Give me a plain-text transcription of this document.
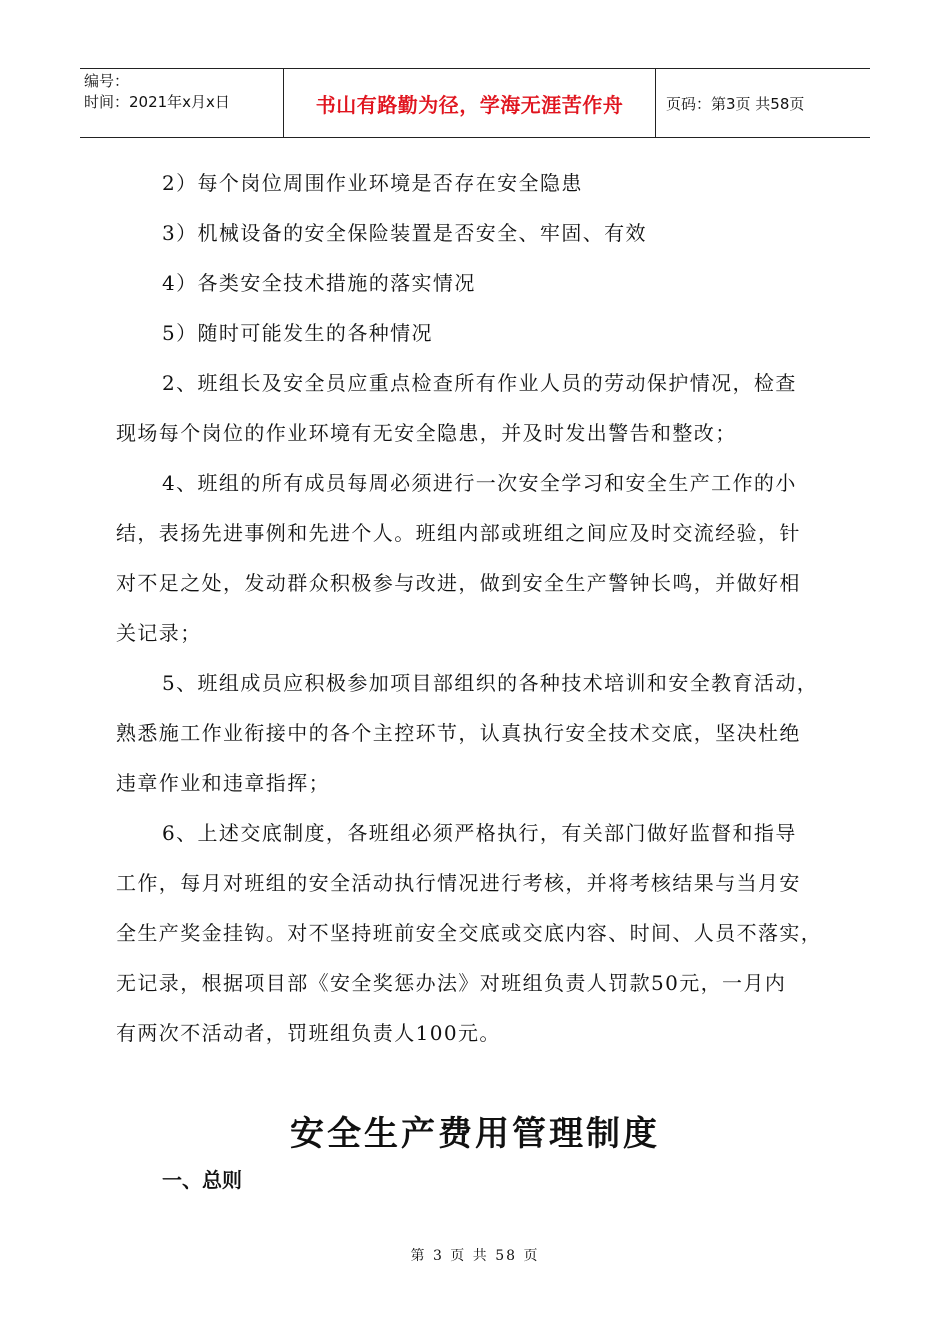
编号：
时间：2021年x月x日	书山有路勤为径，学海无涯苦作舟	页码：第3页 共58页
2）每个岗位周围作业环境是否存在安全隐患
3）机械设备的安全保险装置是否安全、牢固、有效
4）各类安全技术措施的落实情况
5）随时可能发生的各种情况
2、班组长及安全员应重点检查所有作业人员的劳动保护情况，检查
现场每个岗位的作业环境有无安全隐患，并及时发出警告和整改；
4、班组的所有成员每周必须进行一次安全学习和安全生产工作的小
结，表扬先进事例和先进个人。班组内部或班组之间应及时交流经验，针
对不足之处，发动群众积极参与改进，做到安全生产警钟长鸣，并做好相
关记录；
5、班组成员应积极参加项目部组织的各种技术培训和安全教育活动，
熟悉施工作业衔接中的各个主控环节，认真执行安全技术交底，坚决杜绝
违章作业和违章指挥；
6、上述交底制度，各班组必须严格执行，有关部门做好监督和指导
工作，每月对班组的安全活动执行情况进行考核，并将考核结果与当月安
全生产奖金挂钩。对不坚持班前安全交底或交底内容、时间、人员不落实，
无记录，根据项目部《安全奖惩办法》对班组负责人罚款50元，一月内
有两次不活动者，罚班组负责人100元。
安全生产费用管理制度
一、总则
第 3 页 共 58 页
